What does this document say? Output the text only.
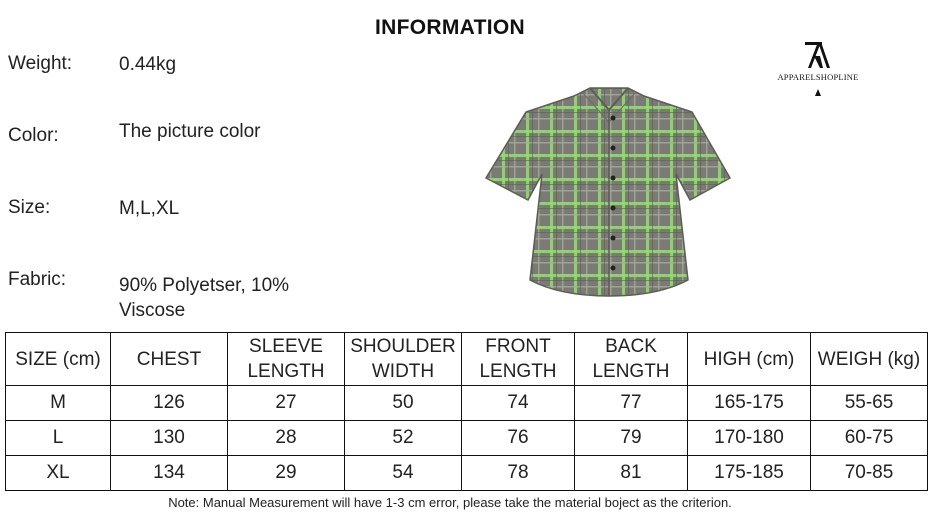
INFORMATION
Weight: 0.44kg
Color:	The picture color
Size:	M,L,XL
Fabric:	90% Polyetser, 10% Viscose
APPARELSHOPLINE
SIZE (cm)	CHEST	SLEEVE LENGTH	SHOULDER WIDTH	FRONT LENGTH	BACK LENGTH	HIGH (cm)	WEIGH (kg)
M	126	27	50	74	77	165-175	55-65
L	130	28	52	76	79	170-180	60-75
XL	134	29	54	78	81	175-185	70-85
Note: Manual Measurement will have 1-3 cm error, please take the material boject as the criterion.
